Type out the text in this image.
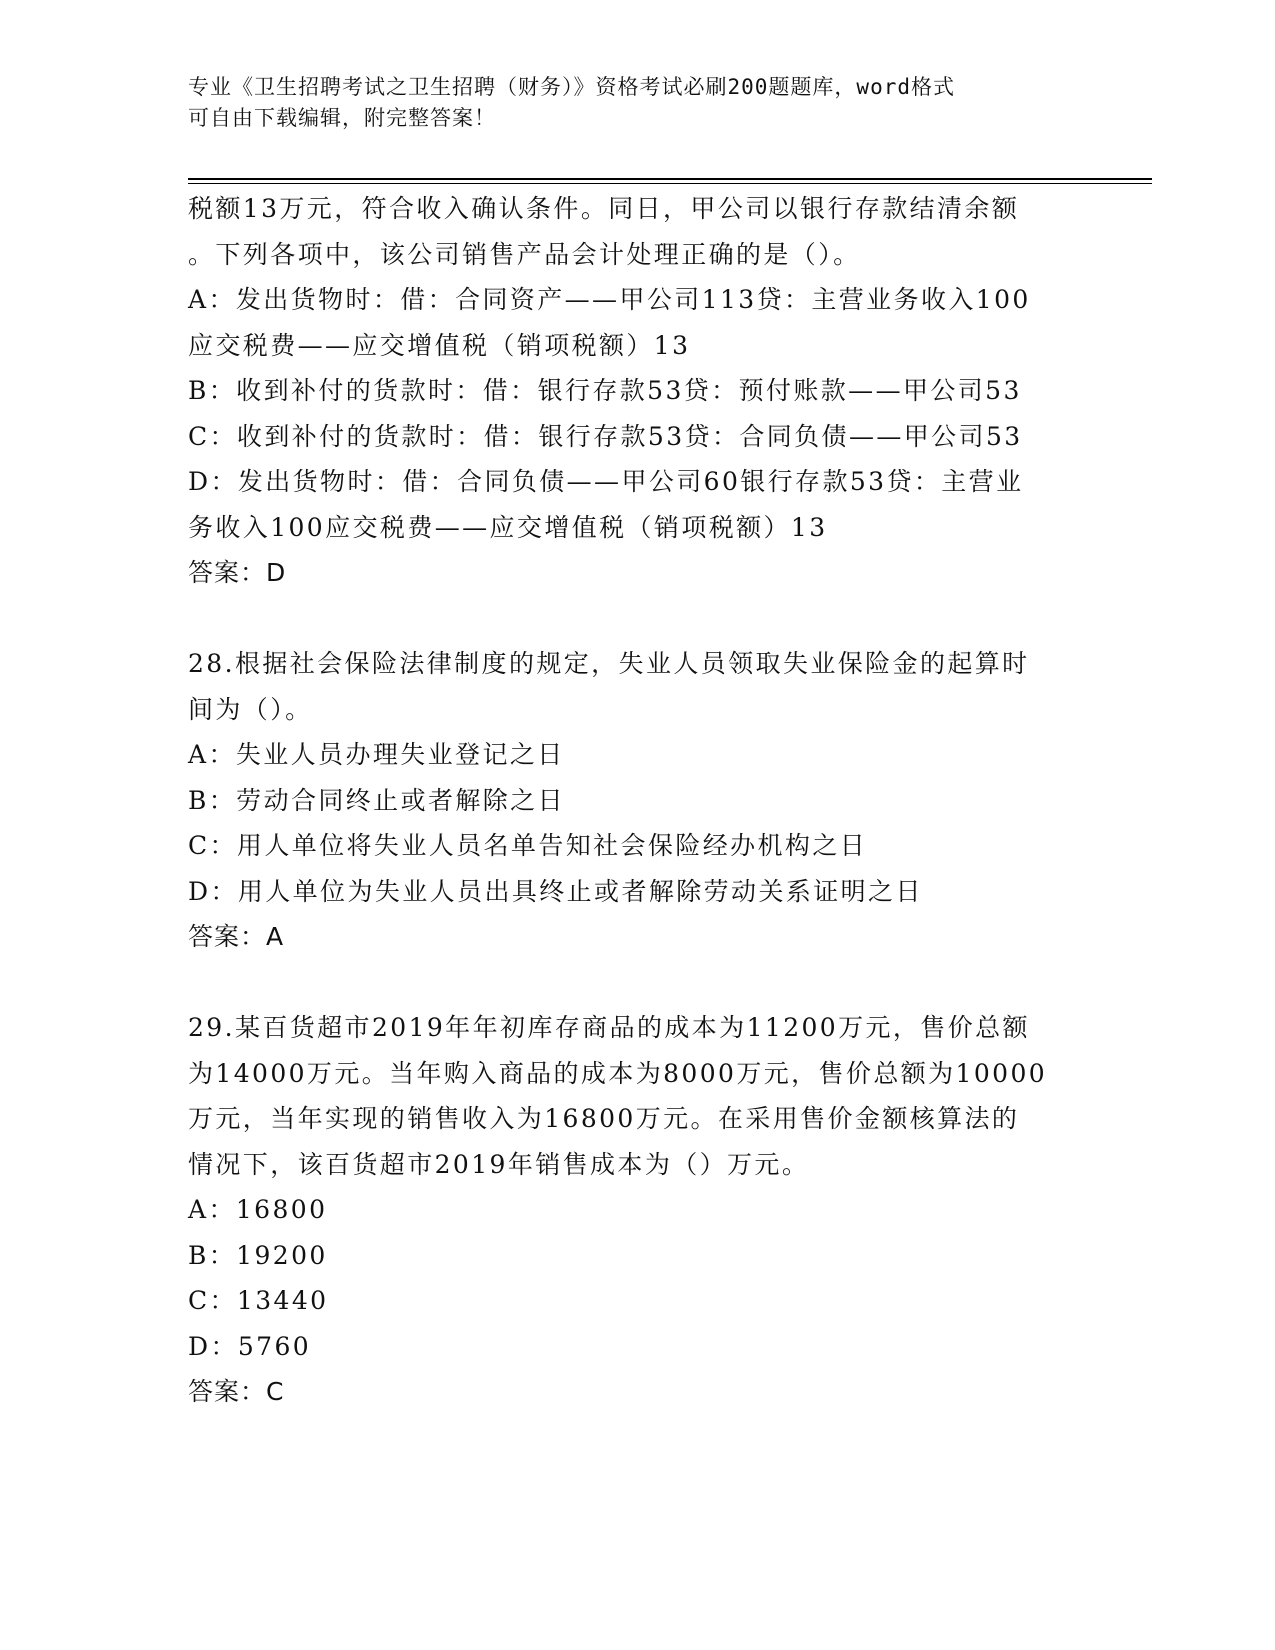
专业《卫生招聘考试之卫生招聘（财务）》资格考试必刷200题题库，word格式
可自由下载编辑，附完整答案！
税额13万元，符合收入确认条件。同日，甲公司以银行存款结清余额
。下列各项中，该公司销售产品会计处理正确的是（）。
A：发出货物时：借：合同资产——甲公司113贷：主营业务收入100
应交税费——应交增值税（销项税额）13
B：收到补付的货款时：借：银行存款53贷：预付账款——甲公司53
C：收到补付的货款时：借：银行存款53贷：合同负债——甲公司53
D：发出货物时：借：合同负债——甲公司60银行存款53贷：主营业
务收入100应交税费——应交增值税（销项税额）13
答案：D
28.根据社会保险法律制度的规定，失业人员领取失业保险金的起算时
间为（）。
A：失业人员办理失业登记之日
B：劳动合同终止或者解除之日
C：用人单位将失业人员名单告知社会保险经办机构之日
D：用人单位为失业人员出具终止或者解除劳动关系证明之日
答案：A
29.某百货超市2019年年初库存商品的成本为11200万元，售价总额
为14000万元。当年购入商品的成本为8000万元，售价总额为10000
万元，当年实现的销售收入为16800万元。在采用售价金额核算法的
情况下，该百货超市2019年销售成本为（）万元。
A：16800
B：19200
C：13440
D：5760
答案：C
